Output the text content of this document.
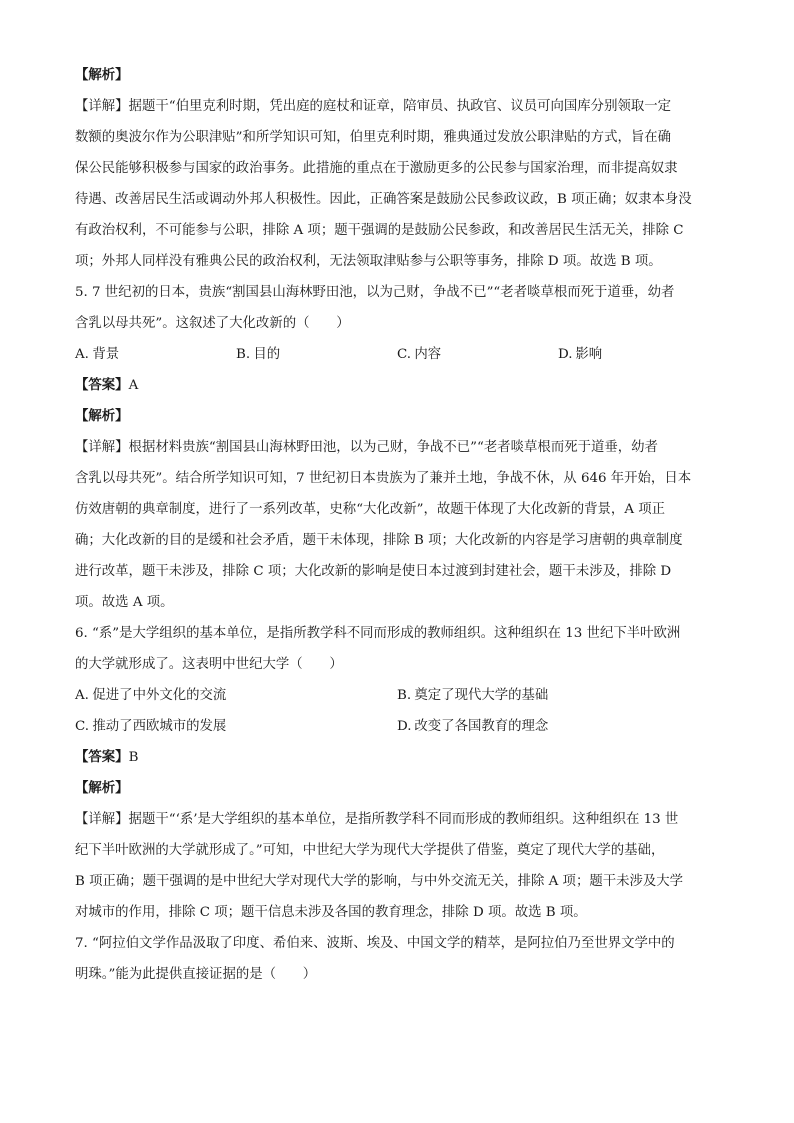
【解析】

【详解】据题干“伯里克利时期，凭出庭的庭杖和证章，陪审员、执政官、议员可向国库分别领取一定

数额的奥波尔作为公职津贴”和所学知识可知，伯里克利时期，雅典通过发放公职津贴的方式，旨在确

保公民能够积极参与国家的政治事务。此措施的重点在于激励更多的公民参与国家治理，而非提高奴隶

待遇、改善居民生活或调动外邦人积极性。因此，正确答案是鼓励公民参政议政，B 项正确；奴隶本身没

有政治权利，不可能参与公职，排除 A 项；题干强调的是鼓励公民参政，和改善居民生活无关，排除 C

项；外邦人同样没有雅典公民的政治权利，无法领取津贴参与公职等事务，排除 D 项。故选 B 项。

5. 7 世纪初的日本，贵族“割国县山海林野田池，以为己财，争战不已”“老者啖草根而死于道垂，幼者

含乳以母共死”。这叙述了大化改新的（　　）

A. 背景	B. 目的	C. 内容	D. 影响

【答案】A

【解析】

【详解】根据材料贵族“割国县山海林野田池，以为己财，争战不已”“老者啖草根而死于道垂，幼者

含乳以母共死”。结合所学知识可知，7 世纪初日本贵族为了兼并土地，争战不休，从 646 年开始，日本

仿效唐朝的典章制度，进行了一系列改革，史称“大化改新”，故题干体现了大化改新的背景，A 项正

确；大化改新的目的是缓和社会矛盾，题干未体现，排除 B 项；大化改新的内容是学习唐朝的典章制度

进行改革，题干未涉及，排除 C 项；大化改新的影响是使日本过渡到封建社会，题干未涉及，排除 D

项。故选 A 项。

6. “系”是大学组织的基本单位，是指所教学科不同而形成的教师组织。这种组织在 13 世纪下半叶欧洲

的大学就形成了。这表明中世纪大学（　　）

A. 促进了中外文化的交流	B. 奠定了现代大学的基础
C. 推动了西欧城市的发展	D. 改变了各国教育的理念

【答案】B

【解析】

【详解】据题干“‘系’是大学组织的基本单位，是指所教学科不同而形成的教师组织。这种组织在 13 世

纪下半叶欧洲的大学就形成了。”可知，中世纪大学为现代大学提供了借鉴，奠定了现代大学的基础，

B 项正确；题干强调的是中世纪大学对现代大学的影响，与中外交流无关，排除 A 项；题干未涉及大学

对城市的作用，排除 C 项；题干信息未涉及各国的教育理念，排除 D 项。故选 B 项。

7. “阿拉伯文学作品汲取了印度、希伯来、波斯、埃及、中国文学的精萃，是阿拉伯乃至世界文学中的

明珠。”能为此提供直接证据的是（　　）
